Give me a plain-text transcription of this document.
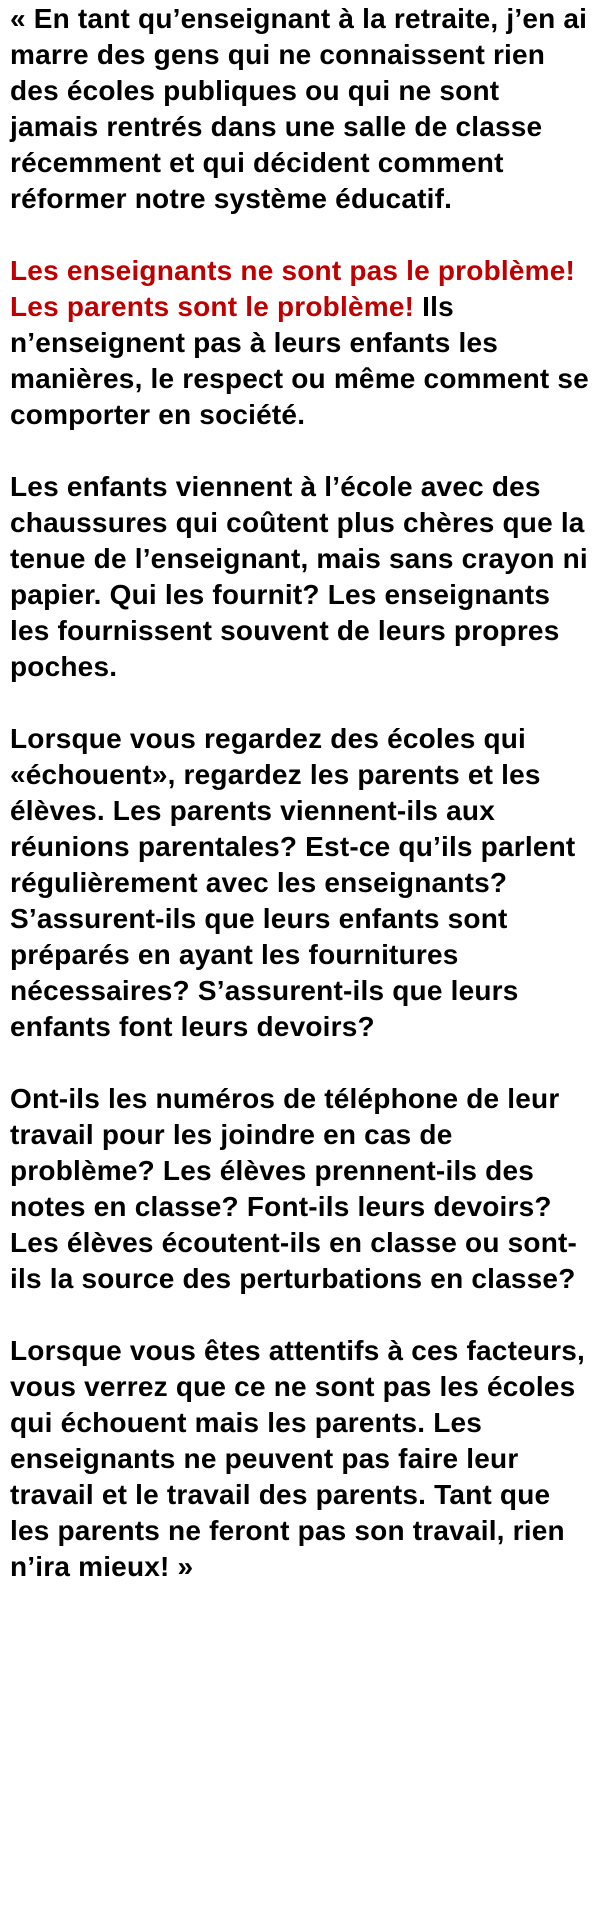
« En tant qu’enseignant à la retraite, j’en ai marre des gens qui ne connaissent rien des écoles publiques ou qui ne sont jamais rentrés dans une salle de classe récemment et qui décident comment réformer notre système éducatif.

Les enseignants ne sont pas le problème! Les parents sont le problème! Ils n’enseignent pas à leurs enfants les manières, le respect ou même comment se comporter en société.

Les enfants viennent à l’école avec des chaussures qui coûtent plus chères que la tenue de l’enseignant, mais sans crayon ni papier. Qui les fournit? Les enseignants les fournissent souvent de leurs propres poches.

Lorsque vous regardez des écoles qui «échouent», regardez les parents et les élèves. Les parents viennent-ils aux réunions parentales? Est-ce qu’ils parlent régulièrement avec les enseignants? S’assurent-ils que leurs enfants sont préparés en ayant les fournitures nécessaires? S’assurent-ils que leurs enfants font leurs devoirs?

Ont-ils les numéros de téléphone de leur travail pour les joindre en cas de problème? Les élèves prennent-ils des notes en classe? Font-ils leurs devoirs? Les élèves écoutent-ils en classe ou sont-ils la source des perturbations en classe?

Lorsque vous êtes attentifs à ces facteurs, vous verrez que ce ne sont pas les écoles qui échouent mais les parents. Les enseignants ne peuvent pas faire leur travail et le travail des parents. Tant que les parents ne feront pas son travail, rien n’ira mieux! »
